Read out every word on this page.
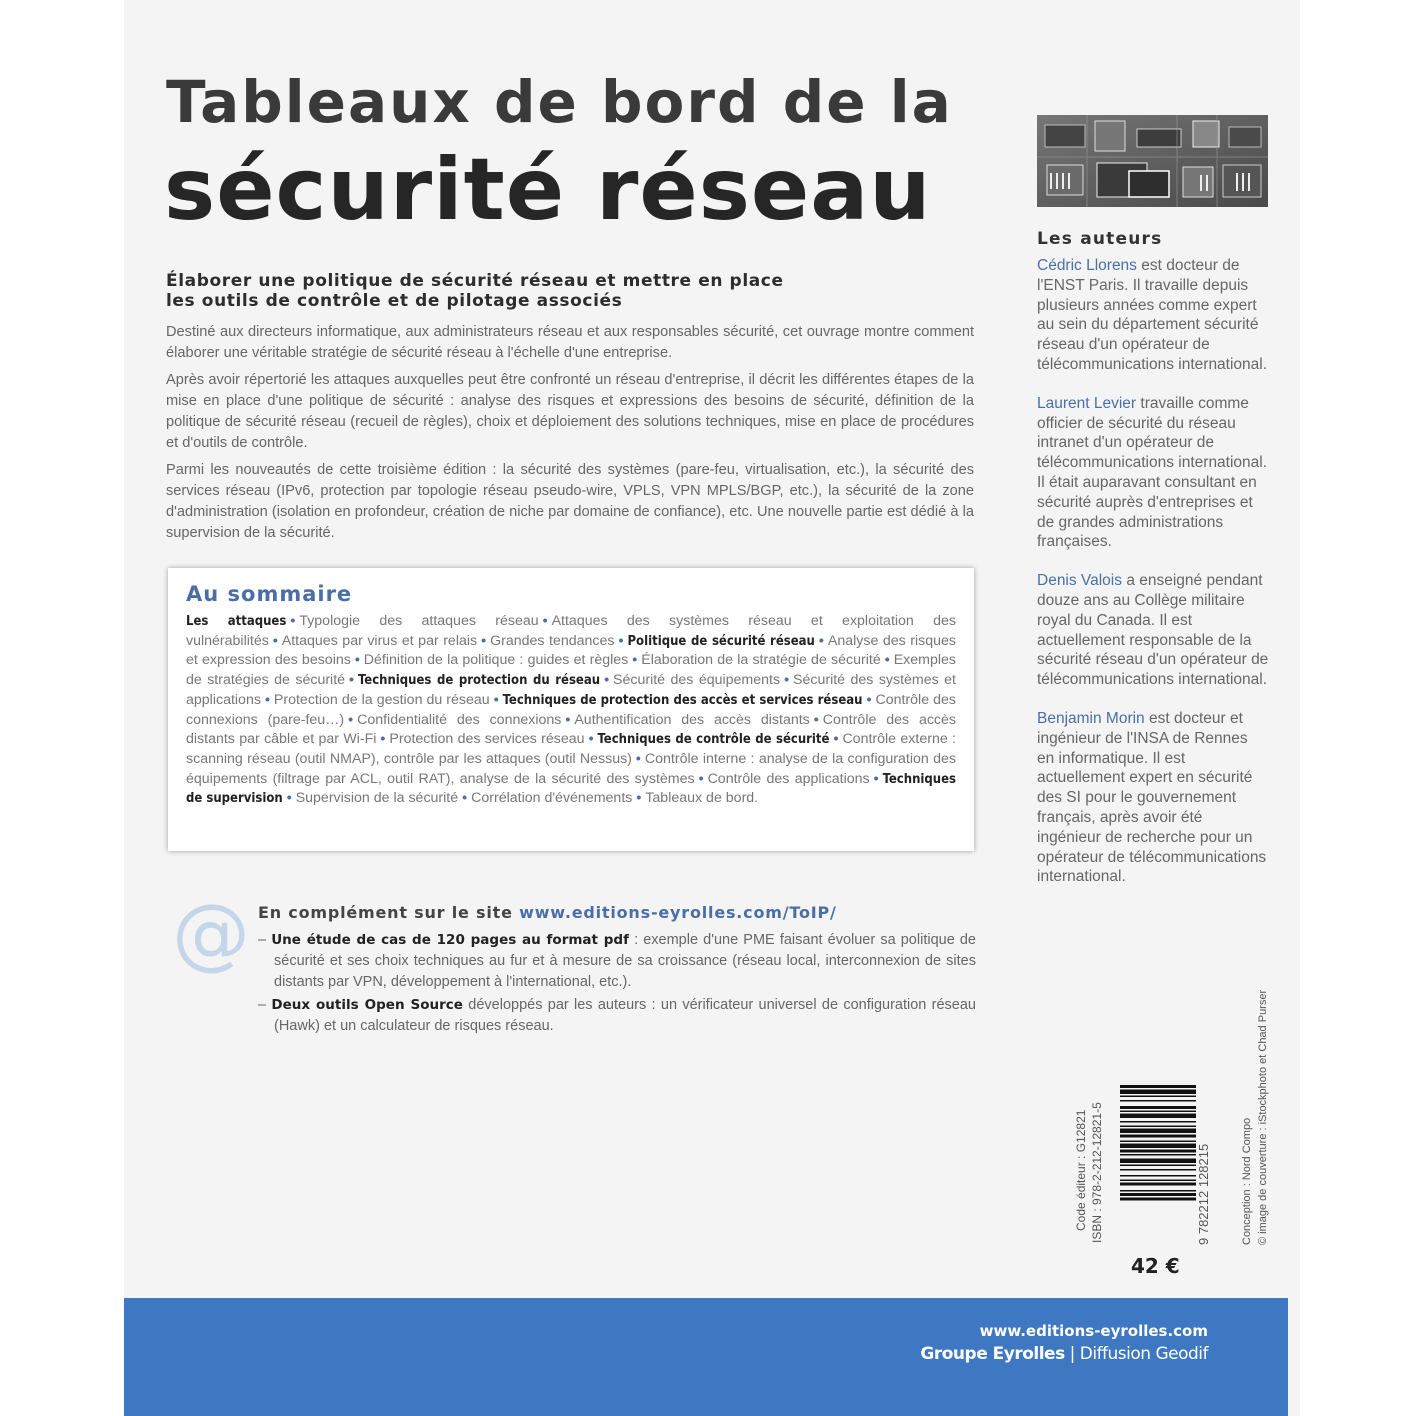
Tableaux de bord de la
sécurité réseau
Élaborer une politique de sécurité réseau et mettre en place
les outils de contrôle et de pilotage associés

Destiné aux directeurs informatique, aux administrateurs réseau et aux responsables sécurité, cet ouvrage montre comment élaborer une véritable stratégie de sécurité réseau à l'échelle d'une entreprise.

Après avoir répertorié les attaques auxquelles peut être confronté un réseau d'entreprise, il décrit les différentes étapes de la mise en place d'une politique de sécurité : analyse des risques et expressions des besoins de sécurité, définition de la politique de sécurité réseau (recueil de règles), choix et déploiement des solutions techniques, mise en place de procédures et d'outils de contrôle.

Parmi les nouveautés de cette troisième édition : la sécurité des systèmes (pare-feu, virtualisation, etc.), la sécurité des services réseau (IPv6, protection par topologie réseau pseudo-wire, VPLS, VPN MPLS/BGP, etc.), la sécurité de la zone d'administration (isolation en profondeur, création de niche par domaine de confiance), etc. Une nouvelle partie est dédié à la supervision de la sécurité.

Au sommaire
Les attaques • Typologie des attaques réseau • Attaques des systèmes réseau et exploitation des vulnérabilités • Attaques par virus et par relais • Grandes tendances • Politique de sécurité réseau • Analyse des risques et expression des besoins • Définition de la politique : guides et règles • Élaboration de la stratégie de sécurité • Exemples de stratégies de sécurité • Techniques de protection du réseau • Sécurité des équipements • Sécurité des systèmes et applications • Protection de la gestion du réseau • Techniques de protection des accès et services réseau • Contrôle des connexions (pare-feu…) • Confidentialité des connexions • Authentification des accès distants • Contrôle des accès distants par câble et par Wi-Fi • Protection des services réseau • Techniques de contrôle de sécurité • Contrôle externe : scanning réseau (outil NMAP), contrôle par les attaques (outil Nessus) • Contrôle interne : analyse de la configuration des équipements (filtrage par ACL, outil RAT), analyse de la sécurité des systèmes • Contrôle des applications • Techniques de supervision • Supervision de la sécurité • Corrélation d'événements • Tableaux de bord.
@ En complément sur le site www.editions-eyrolles.com/ToIP/
– Une étude de cas de 120 pages au format pdf : exemple d'une PME faisant évoluer sa politique de sécurité et ses choix techniques au fur et à mesure de sa croissance (réseau local, interconnexion de sites distants par VPN, développement à l'international, etc.).
– Deux outils Open Source développés par les auteurs : un vérificateur universel de configuration réseau (Hawk) et un calculateur de risques réseau.
Les auteurs

Cédric Llorens est docteur de l'ENST Paris. Il travaille depuis plusieurs années comme expert au sein du département sécurité réseau d'un opérateur de télécommunications international.

Laurent Levier travaille comme officier de sécurité du réseau intranet d'un opérateur de télécommunications international. Il était auparavant consultant en sécurité auprès d'entreprises et de grandes administrations françaises.

Denis Valois a enseigné pendant douze ans au Collège militaire royal du Canada. Il est actuellement responsable de la sécurité réseau d'un opérateur de télécommunications international.

Benjamin Morin est docteur et ingénieur de l'INSA de Rennes en informatique. Il est actuellement expert en sécurité des SI pour le gouvernement français, après avoir été ingénieur de recherche pour un opérateur de télécommunications international.

Code éditeur : G12821 ISBN : 978-2-212-12821-5	9 782212 128215	Conception : Nord Compo © image de couverture : iStockphoto et Chad Purser
42 €
www.editions-eyrolles.com
Groupe Eyrolles | Diffusion Geodif
